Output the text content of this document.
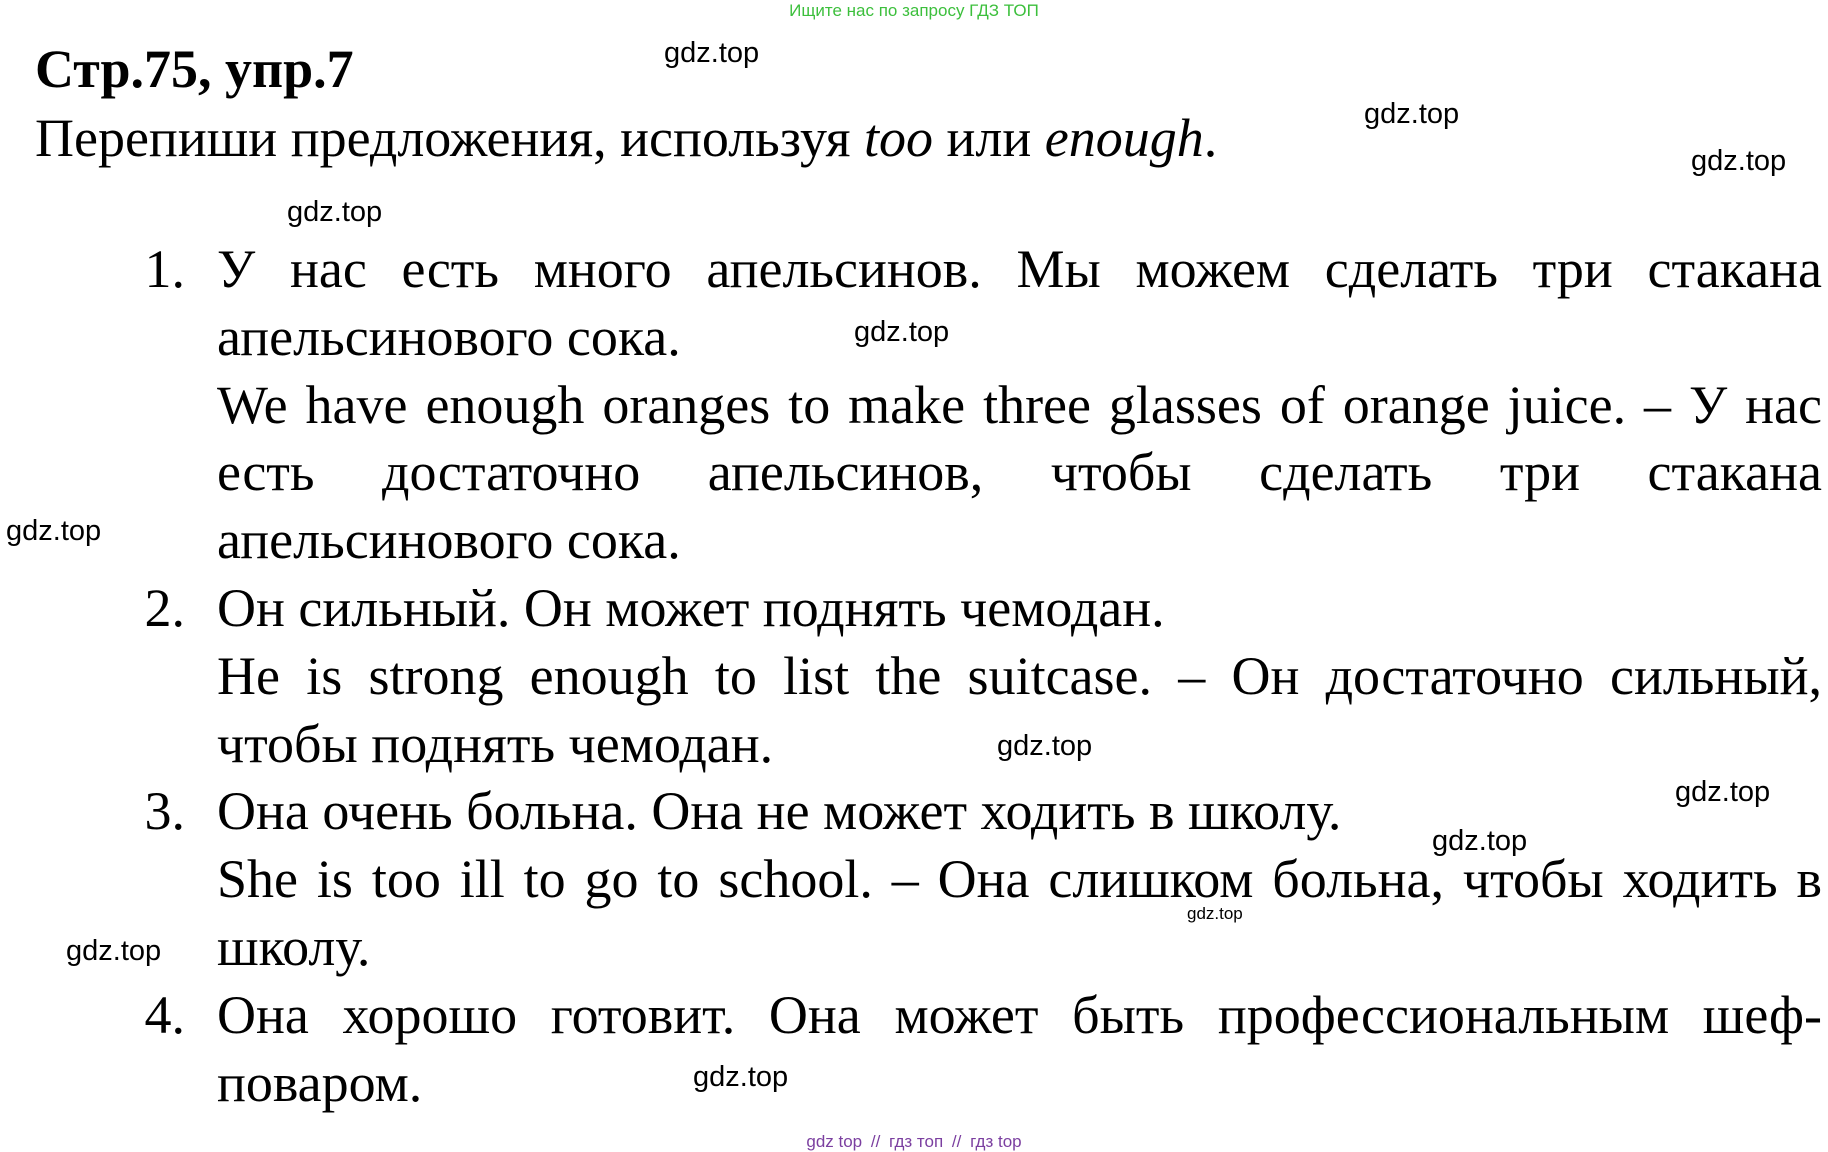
Ищите нас по запросу ГДЗ ТОП
Стр.75, упр.7

Перепиши предложения, используя too или enough.

1. У нас есть много апельсинов. Мы можем сделать три стакана апельсинового сока.
We have enough oranges to make three glasses of orange juice. – У нас есть достаточно апельсинов, чтобы сделать три стакана апельсинового сока.
2. Он сильный. Он может поднять чемодан.
He is strong enough to list the suitcase. – Он достаточно сильный, чтобы поднять чемодан.
3. Она очень больна. Она не может ходить в школу.
She is too ill to go to school. – Она слишком больна, чтобы ходить в школу.
4. Она хорошо готовит. Она может быть профессиональным шеф-поваром.
gdz.top
gdz.top
gdz.top
gdz.top
gdz.top
gdz.top
gdz.top
gdz.top
gdz.top
gdz.top
gdz.top
gdz.top
gdz top // гдз топ // гдз top
